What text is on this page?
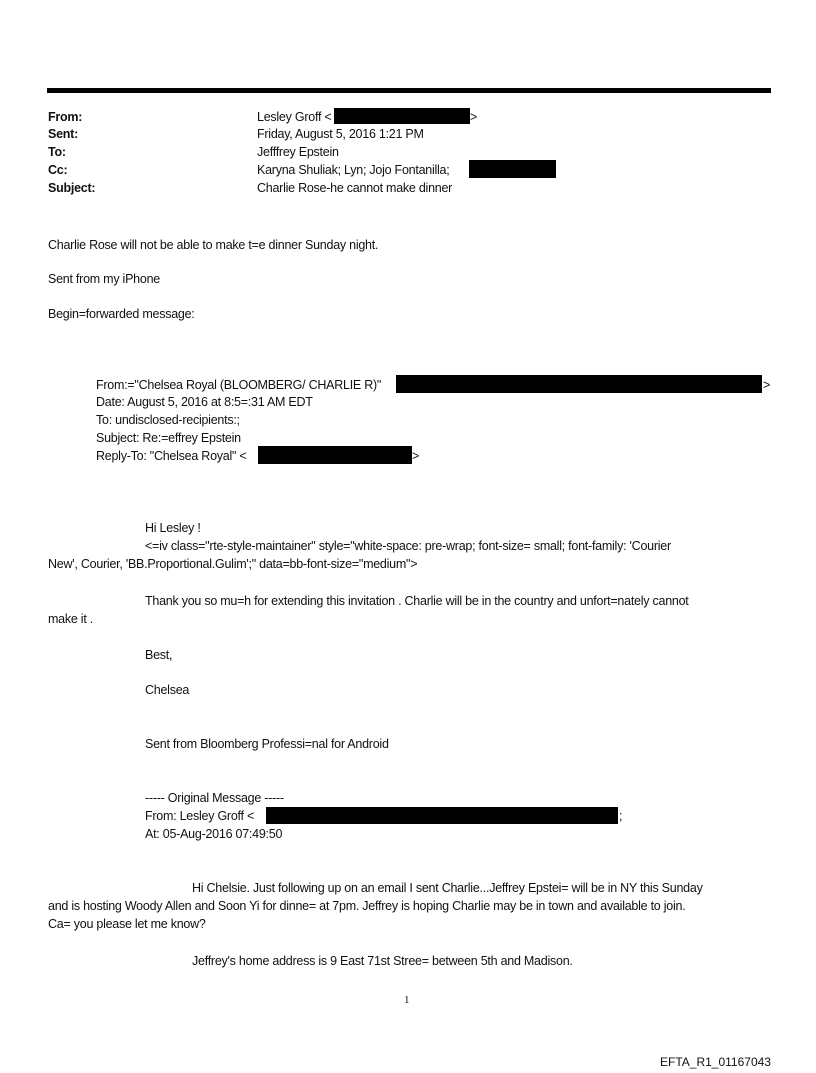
From:	Lesley Groff <	>
Sent:	Friday, August 5, 2016 1:21 PM
To:	Jefffrey Epstein
Cc:	Karyna Shuliak; Lyn; Jojo Fontanilla;
Subject:	Charlie Rose-he cannot make dinner
Charlie Rose will not be able to make t=e dinner Sunday night.
Sent from my iPhone
Begin=forwarded message:
From:="Chelsea Royal (BLOOMBERG/ CHARLIE R)"	>
Date: August 5, 2016 at 8:5=:31 AM EDT
To: undisclosed-recipients:;
Subject: Re:=effrey Epstein
Reply-To: "Chelsea Royal" <	>
Hi Lesley !
<=iv class="rte-style-maintainer" style="white-space: pre-wrap; font-size= small; font-family: 'Courier
New', Courier, 'BB.Proportional.Gulim';" data=bb-font-size="medium">
Thank you so mu=h for extending this invitation . Charlie will be in the country and unfort=nately cannot
make it .
Best,
Chelsea
Sent from Bloomberg Professi=nal for Android
----- Original Message -----
From: Lesley Groff <	;
At: 05-Aug-2016 07:49:50
Hi Chelsie. Just following up on an email I sent Charlie...Jeffrey Epstei= will be in NY this Sunday
and is hosting Woody Allen and Soon Yi for dinne= at 7pm. Jeffrey is hoping Charlie may be in town and available to join.
Ca= you please let me know?
Jeffrey's home address is 9 East 71st Stree= between 5th and Madison.
1
EFTA_R1_01167043
